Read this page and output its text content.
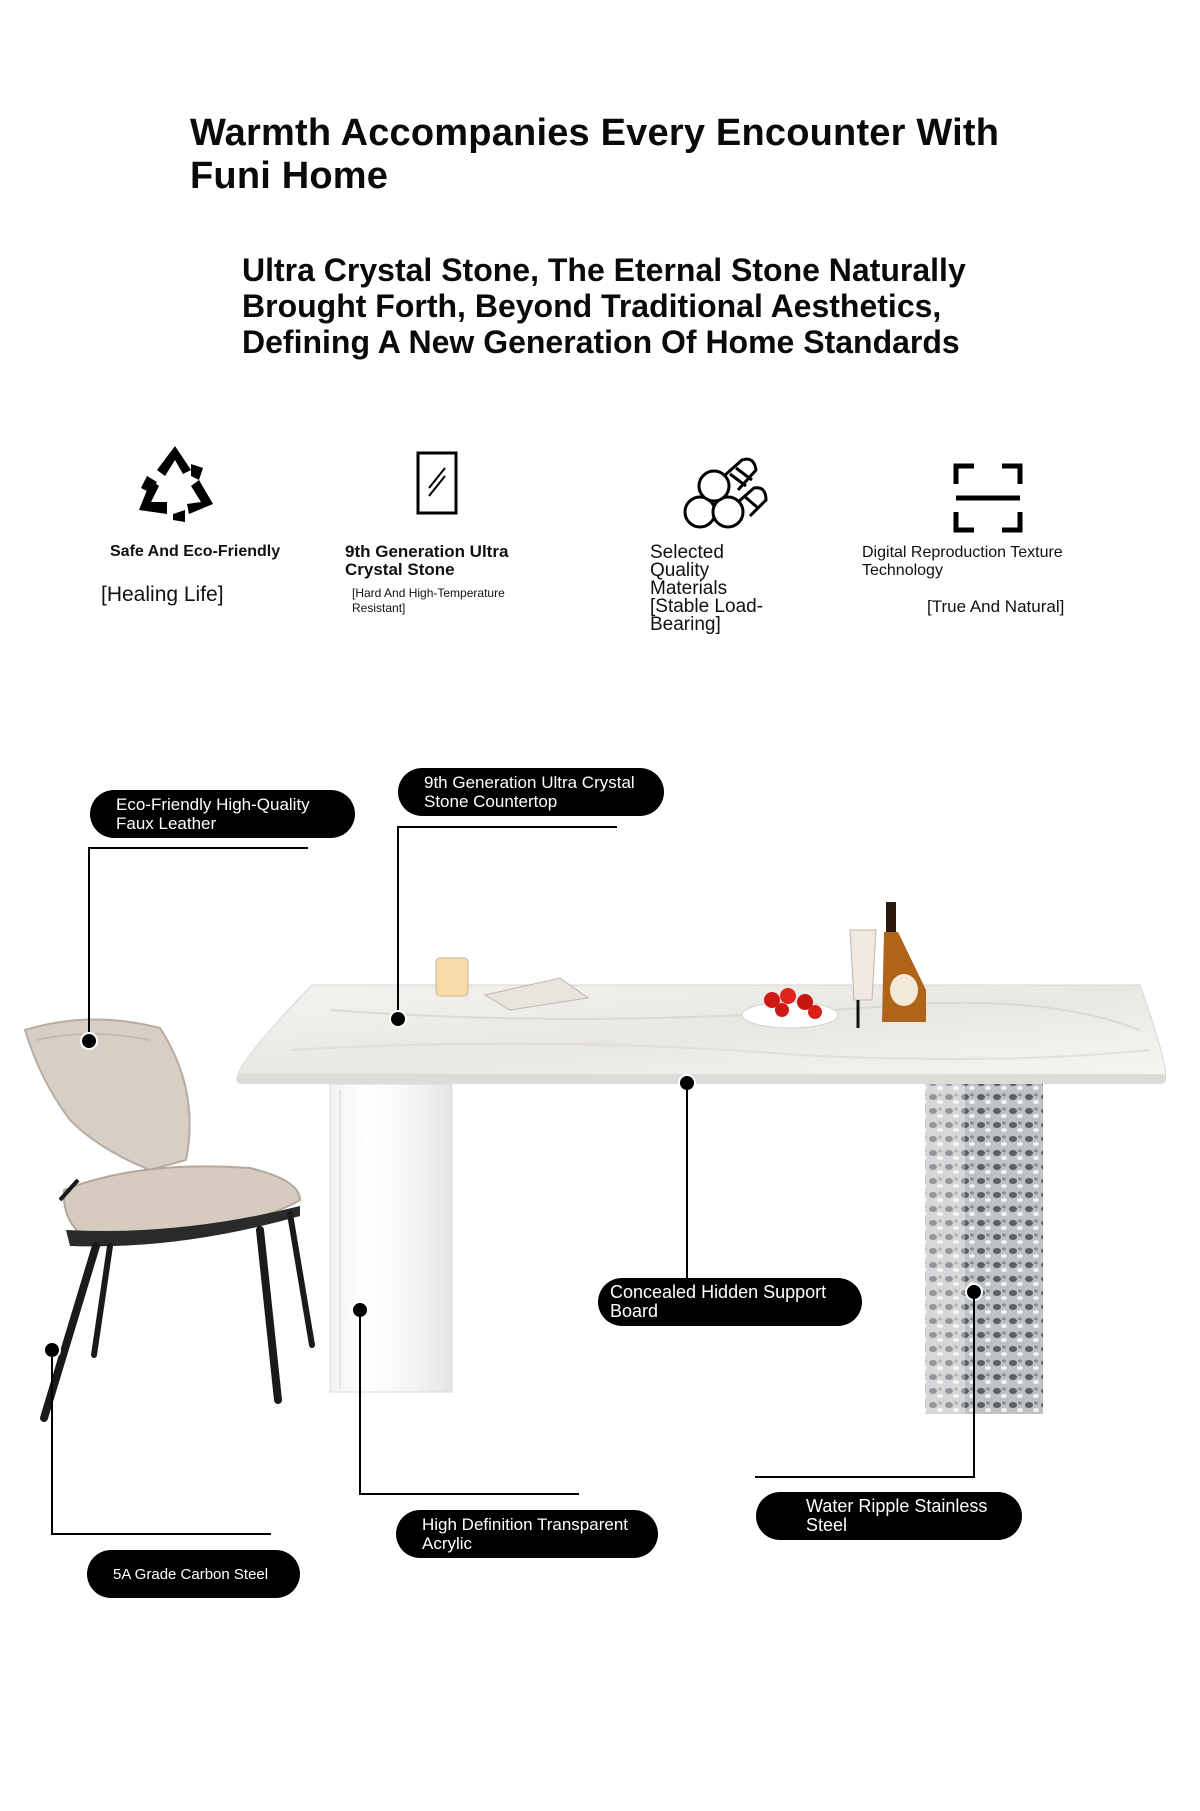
Warmth Accompanies Every Encounter With Funi Home
Ultra Crystal Stone, The Eternal Stone Naturally Brought Forth, Beyond Traditional Aesthetics, Defining A New Generation Of Home Standards
Safe And Eco-Friendly
[Healing Life]
9th Generation Ultra Crystal Stone
[Hard And High-Temperature Resistant]
Selected Quality Materials
[Stable Load-Bearing]
Digital Reproduction Texture Technology
[True And Natural]
Eco-Friendly High-Quality Faux Leather
9th Generation Ultra Crystal Stone Countertop
Concealed Hidden Support Board
Water Ripple Stainless Steel
High Definition Transparent Acrylic
5A Grade Carbon Steel
